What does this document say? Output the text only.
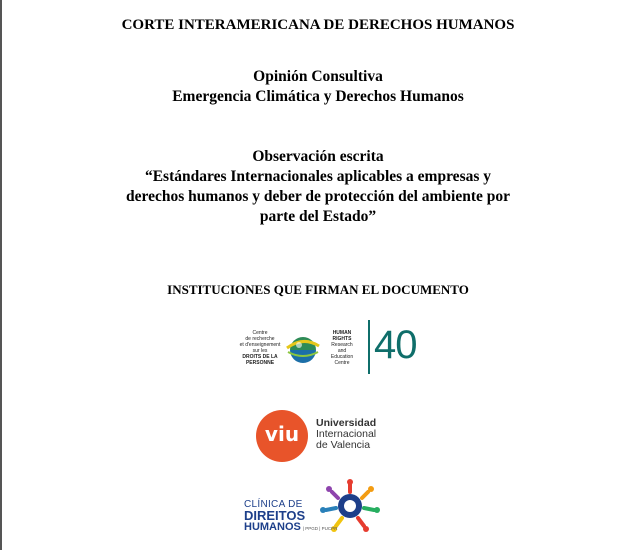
CORTE INTERAMERICANA DE DERECHOS HUMANOS
Opinión Consultiva
Emergencia Climática y Derechos Humanos
Observación escrita
“Estándares Internacionales aplicables a empresas y
derechos humanos y deber de protección del ambiente por
parte del Estado”
INSTITUCIONES QUE FIRMAN EL DOCUMENTO
Centre
de recherche
et d'enseignement
sur les
DROITS DE LA PERSONNE
HUMAN RIGHTS
Research
and
Education
Centre 40
viu	Universidad
Internacional
de Valencia
CLÍNICA DE
DIREITOS
HUMANOS | PPGD | PUCPR
